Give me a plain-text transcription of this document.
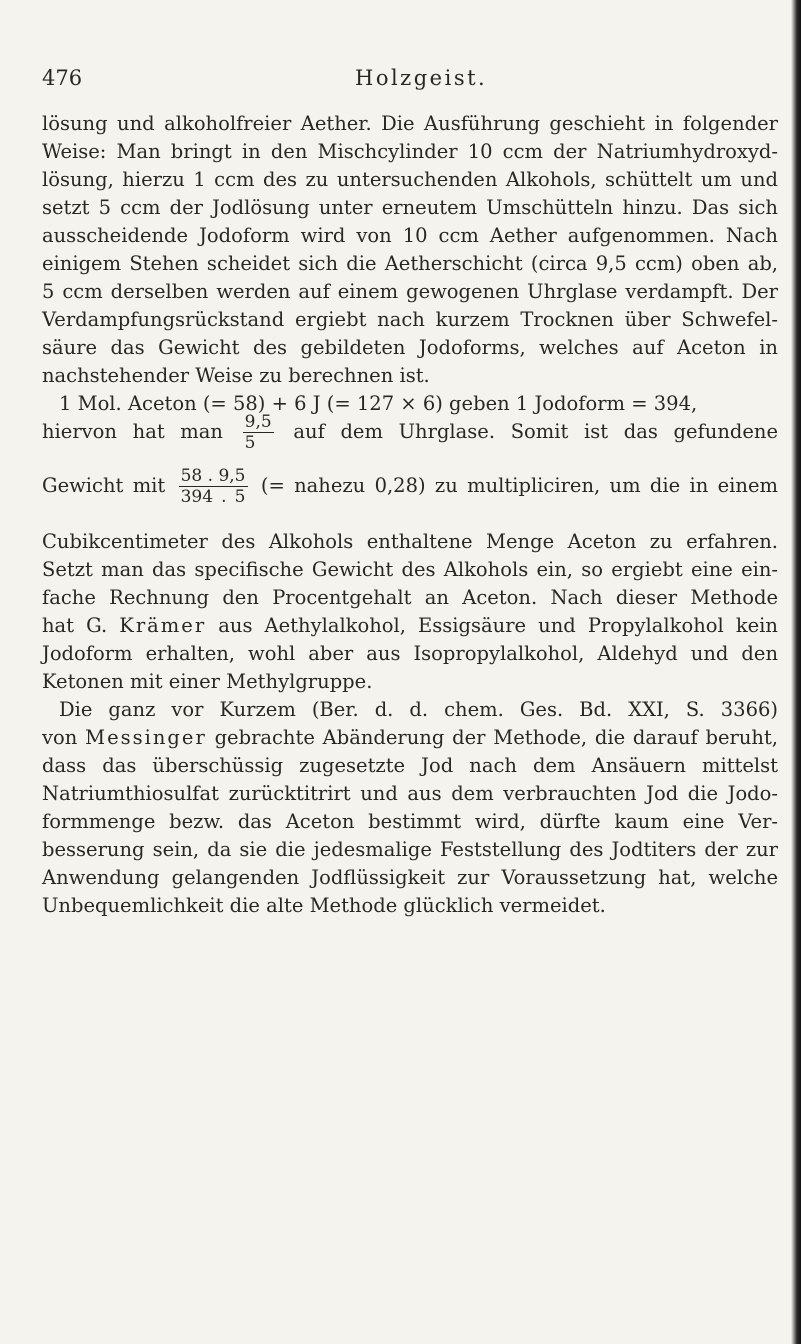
476	Holzgeist.
lösung und alkoholfreier Aether. Die Ausführung geschieht in folgender
Weise: Man bringt in den Mischcylinder 10 ccm der Natriumhydroxyd-
lösung, hierzu 1 ccm des zu untersuchenden Alkohols, schüttelt um und
setzt 5 ccm der Jodlösung unter erneutem Umschütteln hinzu. Das sich
ausscheidende Jodoform wird von 10 ccm Aether aufgenommen. Nach
einigem Stehen scheidet sich die Aetherschicht (circa 9,5 ccm) oben ab,
5 ccm derselben werden auf einem gewogenen Uhrglase verdampft. Der
Verdampfungsrückstand ergiebt nach kurzem Trocknen über Schwefel-
säure das Gewicht des gebildeten Jodoforms, welches auf Aceton in
nachstehender Weise zu berechnen ist.
1 Mol. Aceton (= 58) + 6 J (= 127 × 6) geben 1 Jodoform = 394,
hiervon hat man $\frac{9,5}{5}$ auf dem Uhrglase. Somit ist das gefundene
Gewicht mit $\frac{58 . 9,5}{394 . 5}$ (= nahezu 0,28) zu multipliciren, um die in einem
Cubikcentimeter des Alkohols enthaltene Menge Aceton zu erfahren.
Setzt man das specifische Gewicht des Alkohols ein, so ergiebt eine ein-
fache Rechnung den Procentgehalt an Aceton. Nach dieser Methode
hat G. Krämer aus Aethylalkohol, Essigsäure und Propylalkohol kein
Jodoform erhalten, wohl aber aus Isopropylalkohol, Aldehyd und den
Ketonen mit einer Methylgruppe.
Die ganz vor Kurzem (Ber. d. d. chem. Ges. Bd. XXI, S. 3366)
von Messinger gebrachte Abänderung der Methode, die darauf beruht,
dass das überschüssig zugesetzte Jod nach dem Ansäuern mittelst
Natriumthiosulfat zurücktitrirt und aus dem verbrauchten Jod die Jodo-
formmenge bezw. das Aceton bestimmt wird, dürfte kaum eine Ver-
besserung sein, da sie die jedesmalige Feststellung des Jodtiters der zur
Anwendung gelangenden Jodflüssigkeit zur Voraussetzung hat, welche
Unbequemlichkeit die alte Methode glücklich vermeidet.
